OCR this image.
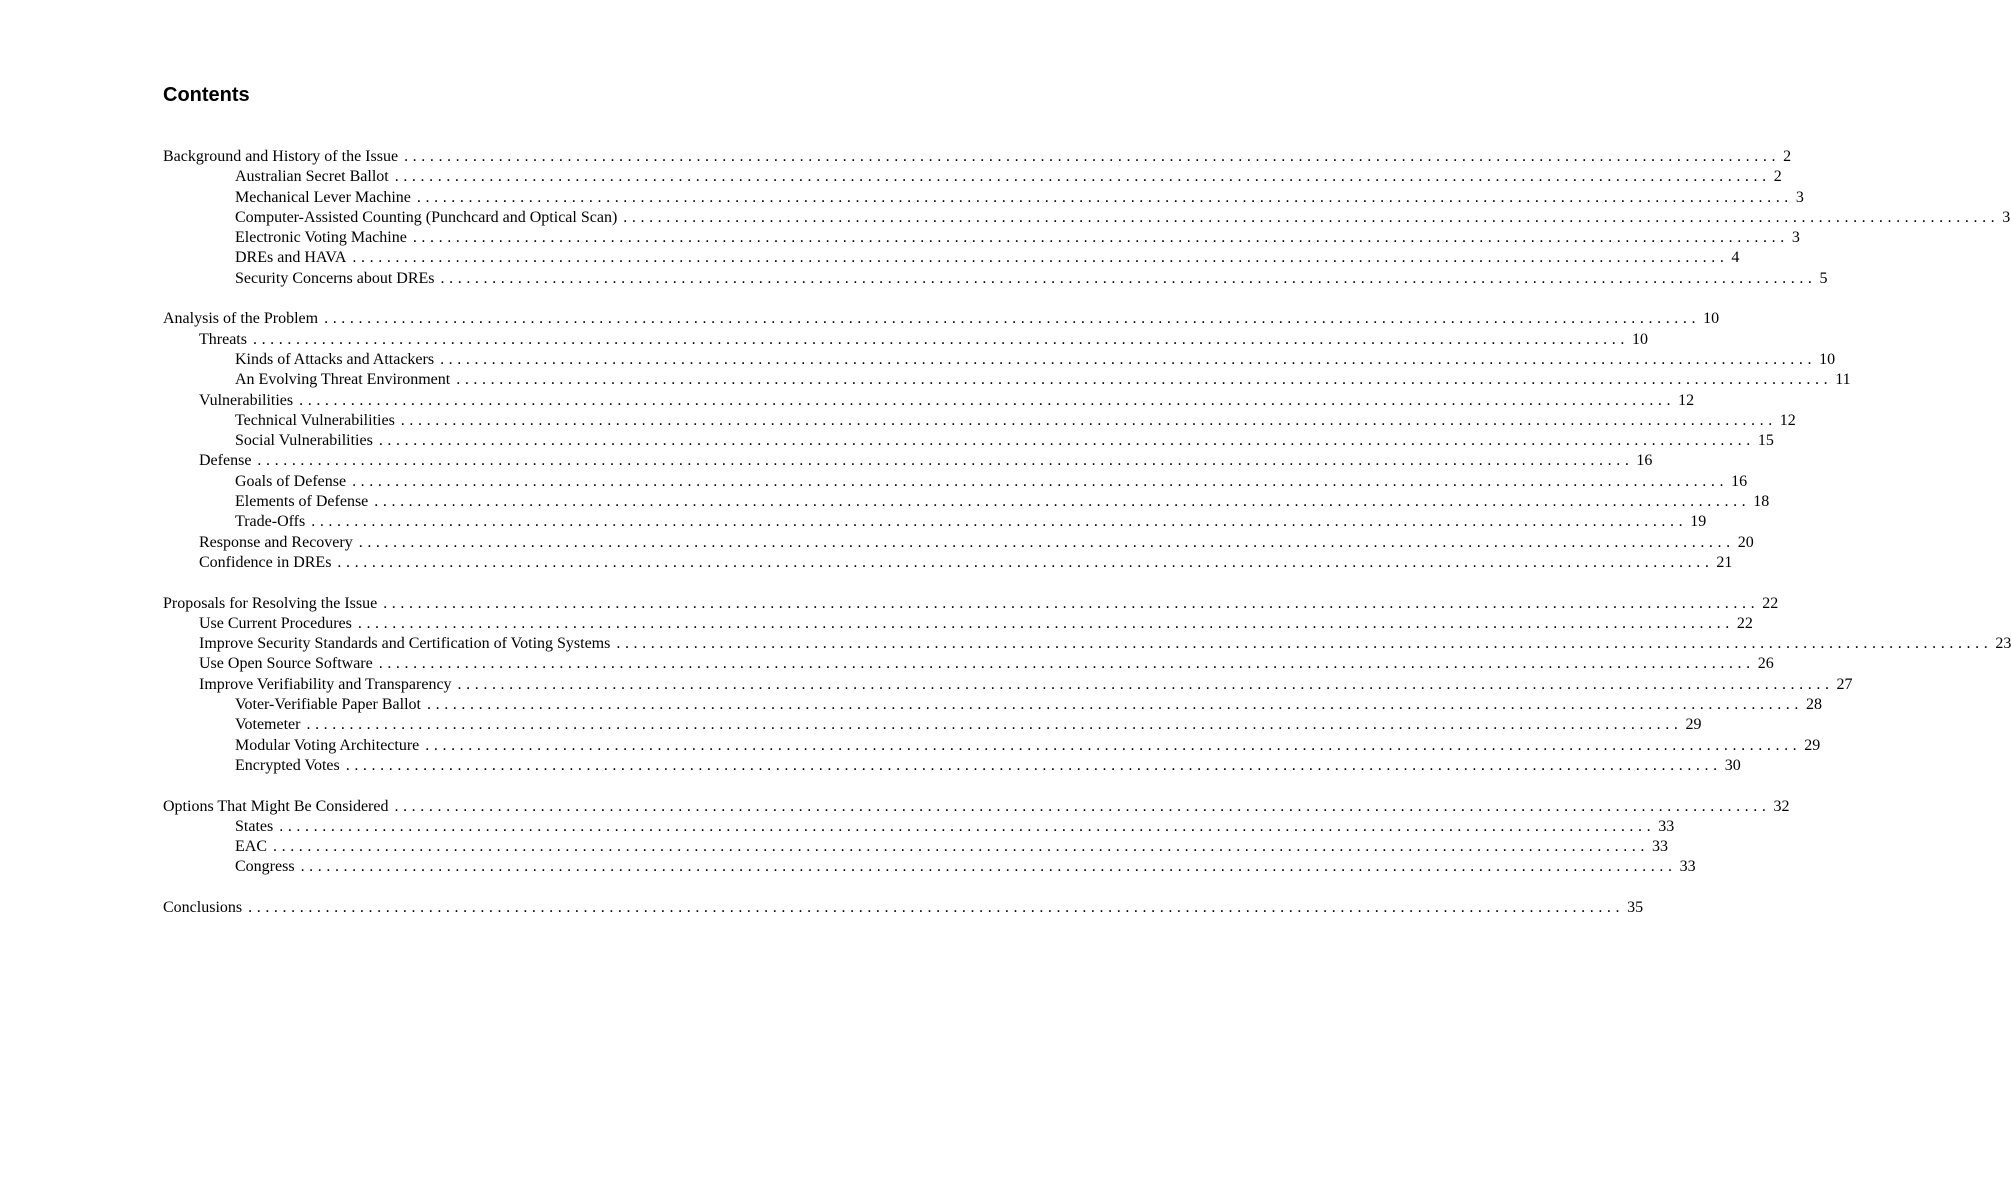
Contents
Background and History of the Issue ................................................................................................................................................................ 2
Australian Secret Ballot ................................................................................................................................................................ 2
Mechanical Lever Machine ................................................................................................................................................................ 3
Computer-Assisted Counting (Punchcard and Optical Scan) ................................................................................................................................................................ 3
Electronic Voting Machine ................................................................................................................................................................ 3
DREs and HAVA ................................................................................................................................................................ 4
Security Concerns about DREs ................................................................................................................................................................ 5
Analysis of the Problem ................................................................................................................................................................ 10
Threats ................................................................................................................................................................ 10
Kinds of Attacks and Attackers ................................................................................................................................................................ 10
An Evolving Threat Environment ................................................................................................................................................................ 11
Vulnerabilities ................................................................................................................................................................ 12
Technical Vulnerabilities ................................................................................................................................................................ 12
Social Vulnerabilities ................................................................................................................................................................ 15
Defense ................................................................................................................................................................ 16
Goals of Defense ................................................................................................................................................................ 16
Elements of Defense ................................................................................................................................................................ 18
Trade-Offs ................................................................................................................................................................ 19
Response and Recovery ................................................................................................................................................................ 20
Confidence in DREs ................................................................................................................................................................ 21
Proposals for Resolving the Issue ................................................................................................................................................................ 22
Use Current Procedures ................................................................................................................................................................ 22
Improve Security Standards and Certification of Voting Systems ................................................................................................................................................................ 23
Use Open Source Software ................................................................................................................................................................ 26
Improve Verifiability and Transparency ................................................................................................................................................................ 27
Voter-Verifiable Paper Ballot ................................................................................................................................................................ 28
Votemeter ................................................................................................................................................................ 29
Modular Voting Architecture ................................................................................................................................................................ 29
Encrypted Votes ................................................................................................................................................................ 30
Options That Might Be Considered ................................................................................................................................................................ 32
States ................................................................................................................................................................ 33
EAC ................................................................................................................................................................ 33
Congress ................................................................................................................................................................ 33
Conclusions ................................................................................................................................................................ 35
